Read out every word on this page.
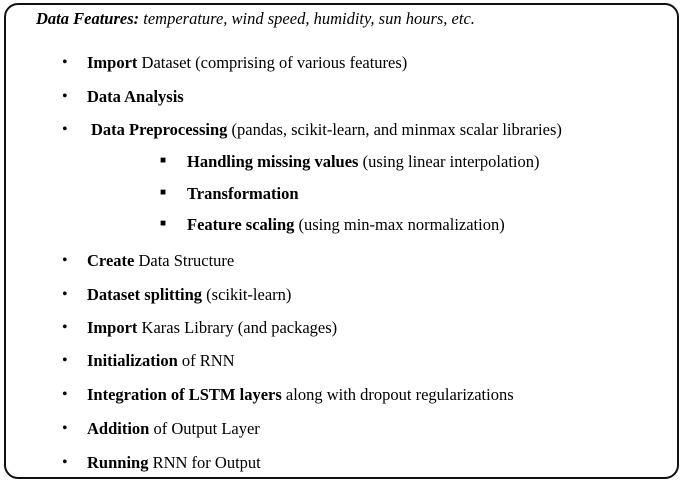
Data Features: temperature, wind speed, humidity, sun hours, etc.
• Import Dataset (comprising of various features)
• Data Analysis
• Data Preprocessing (pandas, scikit-learn, and minmax scalar libraries)
■ Handling missing values (using linear interpolation)
■ Transformation
■ Feature scaling (using min-max normalization)
• Create Data Structure
• Dataset splitting (scikit-learn)
• Import Karas Library (and packages)
• Initialization of RNN
• Integration of LSTM layers along with dropout regularizations
• Addition of Output Layer
• Running RNN for Output
